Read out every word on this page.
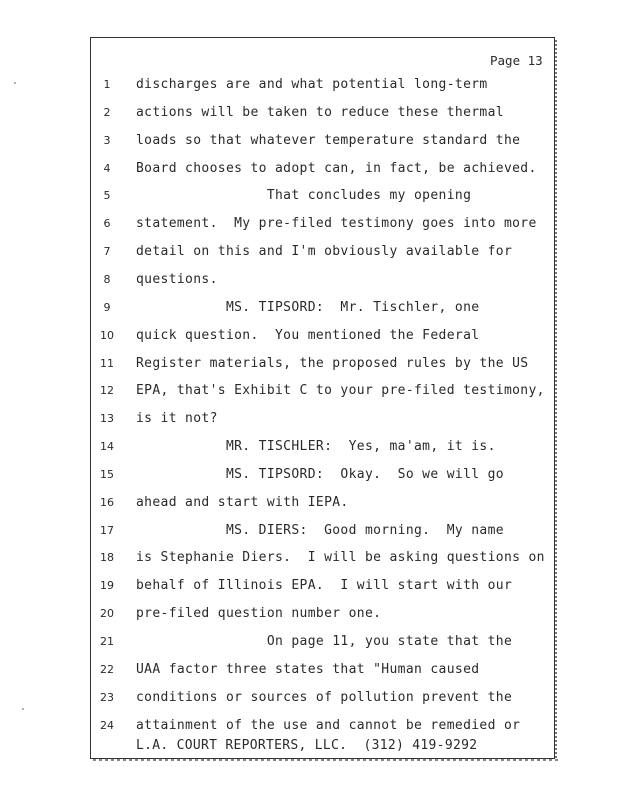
Page 13
1	discharges are and what potential long-term
2	actions will be taken to reduce these thermal
3	loads so that whatever temperature standard the
4	Board chooses to adopt can, in fact, be achieved.
5	That concludes my opening
6	statement.  My pre-filed testimony goes into more
7	detail on this and I'm obviously available for
8	questions.
9	MS. TIPSORD:  Mr. Tischler, one
10	quick question.  You mentioned the Federal
11	Register materials, the proposed rules by the US
12	EPA, that's Exhibit C to your pre-filed testimony,
13	is it not?
14	MR. TISCHLER:  Yes, ma'am, it is.
15	MS. TIPSORD:  Okay.  So we will go
16	ahead and start with IEPA.
17	MS. DIERS:  Good morning.  My name
18	is Stephanie Diers.  I will be asking questions on
19	behalf of Illinois EPA.  I will start with our
20	pre-filed question number one.
21	On page 11, you state that the
22	UAA factor three states that "Human caused
23	conditions or sources of pollution prevent the
24	attainment of the use and cannot be remedied or
L.A. COURT REPORTERS, LLC.  (312) 419-9292
